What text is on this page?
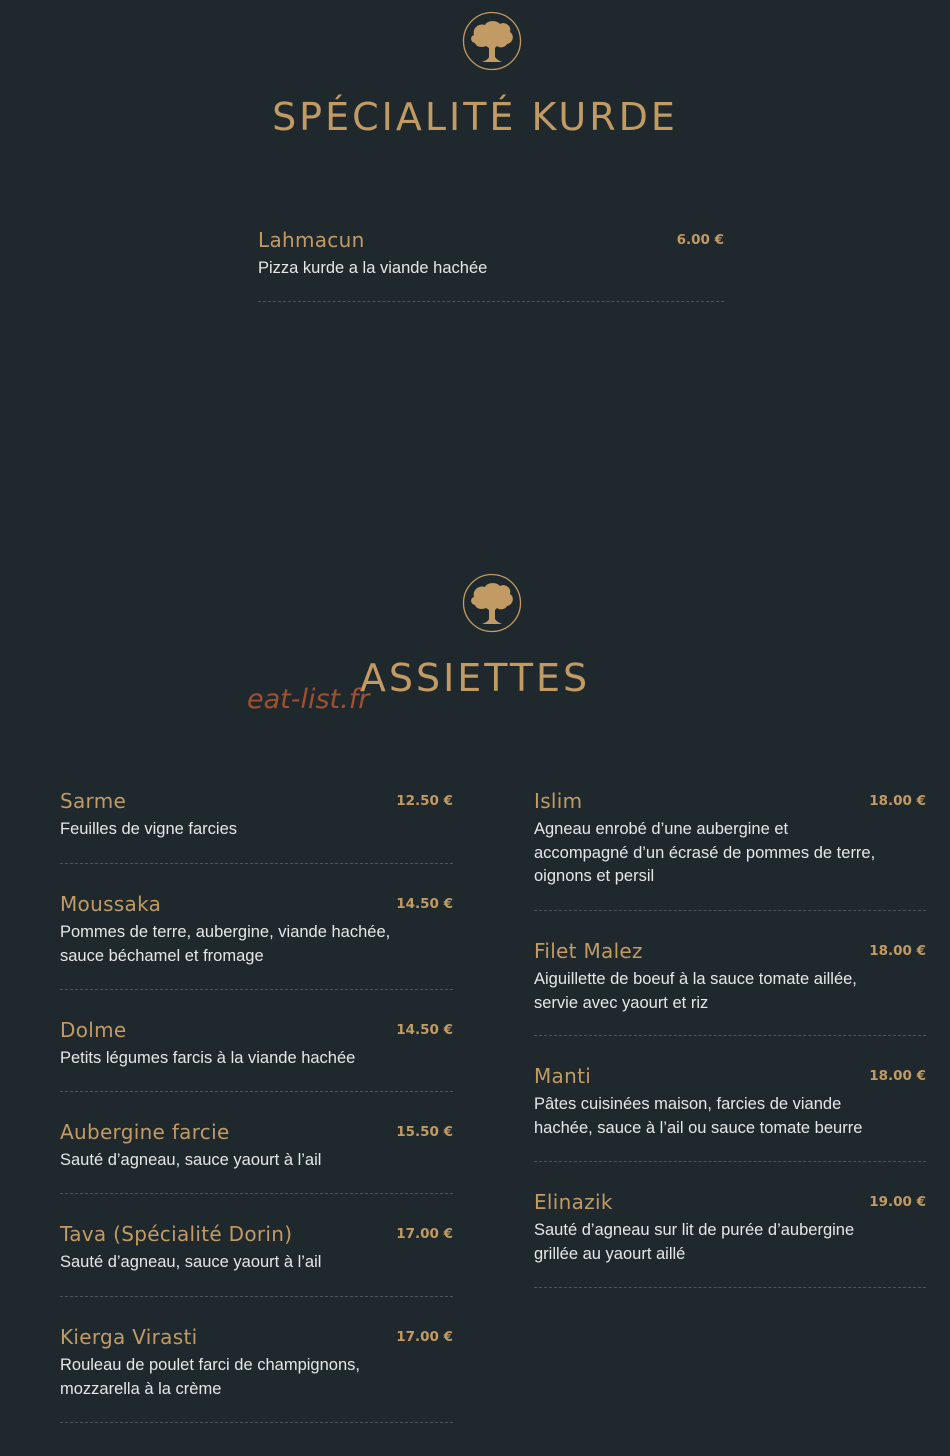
SPÉCIALITÉ KURDE
Lahmacun	6.00 €
Pizza kurde a la viande hachée
ASSIETTES
eat-list.fr
Sarme	12.50 €
Feuilles de vigne farcies
Moussaka	14.50 €
Pommes de terre, aubergine, viande hachée,
sauce béchamel et fromage
Dolme	14.50 €
Petits légumes farcis à la viande hachée
Aubergine farcie	15.50 €
Sauté d’agneau, sauce yaourt à l’ail
Tava (Spécialité Dorin)	17.00 €
Sauté d’agneau, sauce yaourt à l’ail
Kierga Virasti	17.00 €
Rouleau de poulet farci de champignons,
mozzarella à la crème
Islim	18.00 €
Agneau enrobé d’une aubergine et
accompagné d’un écrasé de pommes de terre,
oignons et persil
Filet Malez	18.00 €
Aiguillette de boeuf à la sauce tomate aillée,
servie avec yaourt et riz
Manti	18.00 €
Pâtes cuisinées maison, farcies de viande
hachée, sauce à l’ail ou sauce tomate beurre
Elinazik	19.00 €
Sauté d’agneau sur lit de purée d’aubergine
grillée au yaourt aillé
